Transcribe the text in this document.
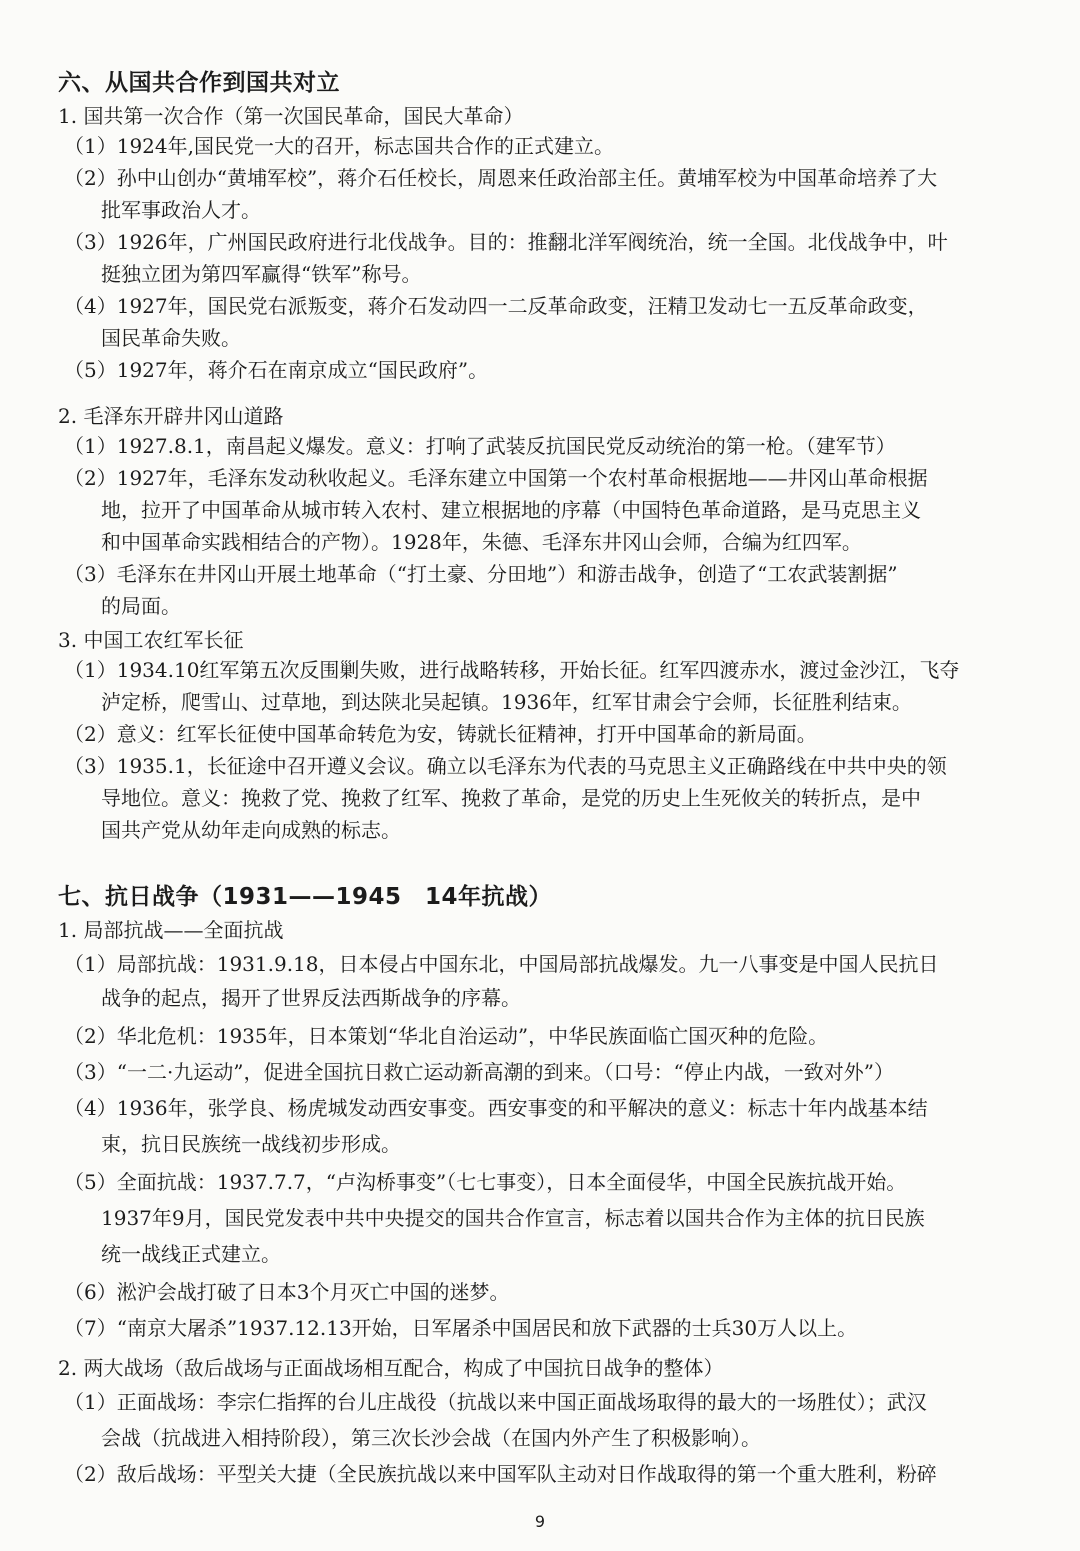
六、从国共合作到国共对立
1. 国共第一次合作（第一次国民革命，国民大革命）
（1）1924年,国民党一大的召开，标志国共合作的正式建立。
（2）孙中山创办“黄埔军校”，蒋介石任校长，周恩来任政治部主任。黄埔军校为中国革命培养了大
批军事政治人才。
（3）1926年，广州国民政府进行北伐战争。目的：推翻北洋军阀统治，统一全国。北伐战争中，叶
挺独立团为第四军赢得“铁军”称号。
（4）1927年，国民党右派叛变，蒋介石发动四一二反革命政变，汪精卫发动七一五反革命政变，
国民革命失败。
（5）1927年，蒋介石在南京成立“国民政府”。
2. 毛泽东开辟井冈山道路
（1）1927.8.1，南昌起义爆发。意义：打响了武装反抗国民党反动统治的第一枪。（建军节）
（2）1927年，毛泽东发动秋收起义。毛泽东建立中国第一个农村革命根据地——井冈山革命根据
地，拉开了中国革命从城市转入农村、建立根据地的序幕（中国特色革命道路，是马克思主义
和中国革命实践相结合的产物）。1928年，朱德、毛泽东井冈山会师，合编为红四军。
（3）毛泽东在井冈山开展土地革命（“打土豪、分田地”）和游击战争，创造了“工农武装割据”
的局面。
3. 中国工农红军长征
（1）1934.10红军第五次反围剿失败，进行战略转移，开始长征。红军四渡赤水，渡过金沙江，飞夺
泸定桥，爬雪山、过草地，到达陕北吴起镇。1936年，红军甘肃会宁会师，长征胜利结束。
（2）意义：红军长征使中国革命转危为安，铸就长征精神，打开中国革命的新局面。
（3）1935.1，长征途中召开遵义会议。确立以毛泽东为代表的马克思主义正确路线在中共中央的领
导地位。意义：挽救了党、挽救了红军、挽救了革命，是党的历史上生死攸关的转折点，是中
国共产党从幼年走向成熟的标志。
七、抗日战争（1931——1945　14年抗战）
1. 局部抗战——全面抗战
（1）局部抗战：1931.9.18，日本侵占中国东北，中国局部抗战爆发。九一八事变是中国人民抗日
战争的起点，揭开了世界反法西斯战争的序幕。
（2）华北危机：1935年，日本策划“华北自治运动”，中华民族面临亡国灭种的危险。
（3）“一二·九运动”，促进全国抗日救亡运动新高潮的到来。（口号：“停止内战，一致对外”）
（4）1936年，张学良、杨虎城发动西安事变。西安事变的和平解决的意义：标志十年内战基本结
束，抗日民族统一战线初步形成。
（5）全面抗战：1937.7.7，“卢沟桥事变”（七七事变），日本全面侵华，中国全民族抗战开始。
1937年9月，国民党发表中共中央提交的国共合作宣言，标志着以国共合作为主体的抗日民族
统一战线正式建立。
（6）淞沪会战打破了日本3个月灭亡中国的迷梦。
（7）“南京大屠杀”1937.12.13开始，日军屠杀中国居民和放下武器的士兵30万人以上。
2. 两大战场（敌后战场与正面战场相互配合，构成了中国抗日战争的整体）
（1）正面战场：李宗仁指挥的台儿庄战役（抗战以来中国正面战场取得的最大的一场胜仗）；武汉
会战（抗战进入相持阶段），第三次长沙会战（在国内外产生了积极影响）。
（2）敌后战场：平型关大捷（全民族抗战以来中国军队主动对日作战取得的第一个重大胜利，粉碎
9
